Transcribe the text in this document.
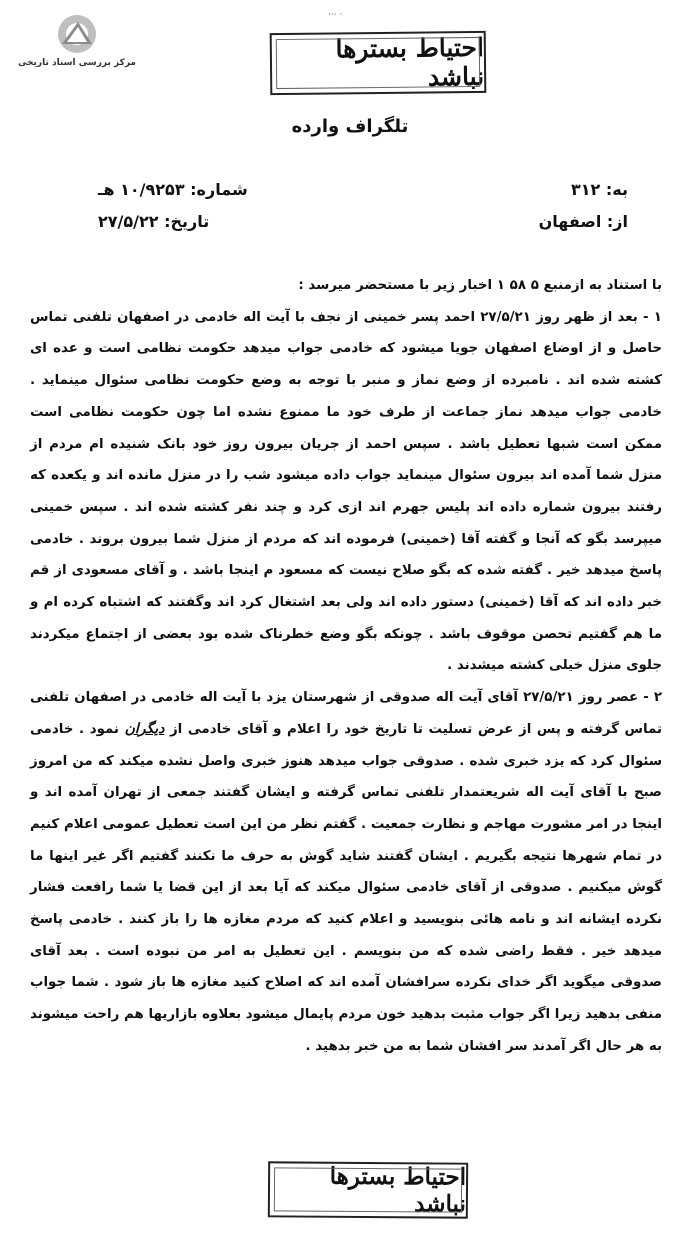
مرکز بررسی اسناد تاریخی
··· ·
احتیاط بسترها نباشد
تلگراف وارده
به: ۳۱۲
از: اصفهان
شماره: ۱۰/۹۲۵۳ هـ
تاریخ: ۲۷/۵/۲۲

با استناد به ازمنبع ۵ ۵۸ ۱ اخبار زیر با مستحضر میرسد :

۱ - بعد از ظهر روز ۲۷/۵/۲۱ احمد پسر خمینی از نجف با آیت اله خادمی در اصفهان تلفنی تماس حاصل و از اوضاع اصفهان جویا میشود که خادمی جواب میدهد حکومت نظامی است و عده ای کشته شده اند . نامبرده از وضع نماز و منبر با توجه به وضع حکومت نظامی سئوال مینماید . خادمی جواب میدهد نماز جماعت از طرف خود ما ممنوع نشده اما چون حکومت نظامی است ممکن است شبها تعطیل باشد . سپس احمد از جریان بیرون روز خود بانک شنیده ام مردم از منزل شما آمده اند بیرون سئوال مینماید جواب داده میشود شب را در منزل مانده اند و یکعده که رفتند بیرون شماره داده اند پلیس جهرم اند ازی کرد و چند نفر کشته شده اند . سپس خمینی میپرسد بگو که آنجا و گفته آقا (خمینی) فرموده اند که مردم از منزل شما بیرون بروند . خادمی پاسخ میدهد خیر . گفته شده که بگو صلاح نیست که مسعود م اینجا باشد . و آقای مسعودی از قم خبر داده اند که آقا (خمینی) دستور داده اند ولی بعد اشتغال کرد اند وگفتند که اشتباه کرده ام و ما هم گفتیم تحصن موقوف باشد . چونکه بگو وضع خطرناک شده بود بعضی از اجتماع میکردند جلوی منزل خیلی کشته میشدند .

۲ - عصر روز ۲۷/۵/۲۱ آقای آیت اله صدوقی از شهرستان یزد با آیت اله خادمی در اصفهان تلفنی تماس گرفته و پس از عرض تسلیت تا تاریخ خود را اعلام و آقای خادمی از دیگران نمود . خادمی سئوال کرد که یزد خبری شده . صدوقی جواب میدهد هنوز خبری واصل نشده میکند که من امروز صبح با آقای آیت اله شریعتمدار تلفنی تماس گرفته و ایشان گفتند جمعی از تهران آمده اند و اینجا در امر مشورت مهاجم و نظارت جمعیت . گفتم نظر من این است تعطیل عمومی اعلام کنیم در تمام شهرها نتیجه بگیریم . ایشان گفتند شاید گوش به حرف ما نکنند گفتیم اگر غیر اینها ما گوش میکنیم . صدوقی از آقای خادمی سئوال میکند که آیا بعد از این قضا یا شما رافعت فشار نکرده ایشانه اند و نامه هائی بنویسید و اعلام کنید که مردم مغازه ها را باز کنند . خادمی پاسخ میدهد خیر . فقط راضی شده که من بنویسم . این تعطیل به امر من نبوده است . بعد آقای صدوقی میگوید اگر خدای نکرده سرافشان آمده اند که اصلاح کنید مغازه ها باز شود . شما جواب منفی بدهید زیرا اگر جواب مثبت بدهید خون مردم پایمال میشود بعلاوه بازاریها هم راحت میشوند به هر حال اگر آمدند سر افشان شما به من خبر بدهید .

احتیاط بسترها نباشد
